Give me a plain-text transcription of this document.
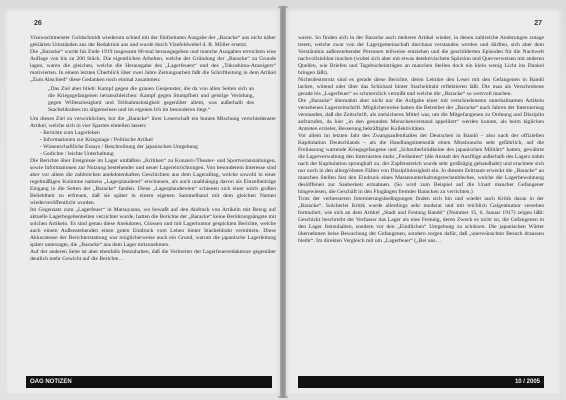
26

Vizewachtmeister Goldschmidt wiederum schied mit der fünfzehnten Ausgabe der „Baracke“ aus nicht näher geklärten Umständen aus der Redaktion aus und wurde durch Vizefeldwebel d. R. Möller ersetzt.

Die „Baracke“ wurde bis Ende 1919 insgesamt 86-mal herausgegeben und manche Ausgaben erreichten eine Auflage von bis zu 200 Stück. Die eigentlichen Arbeiten, welche der Gründung der „Baracke“ zu Grunde lagen, waren die gleichen, welche die Herausgabe des „Lagerfeuers“ und des „Tokushima-Anzeigers“ motivierten. In einem letzten Überblick über zwei Jahre Zeitungsarbeit faßt die Schriftleitung in dem Artikel „Zum Abschied“ diese Gedanken noch einmal zusammen:

„Das Ziel aber blieb: Kampf gegen die grauen Gespenster, die da von allen Seiten sich an die Kriegsgefangenen heranschleichen: Kampf gegen Stumpfheit und geistige Verödung, gegen Willenslosigkeit und Teilnahmslosigkeit gegenüber allem, was außerhalb des Stacheldrahtes im allgemeinen und im eigenen Ich im besonderen liegt.“

Um dieses Ziel zu verwirklichen, bot die „Baracke“ ihrer Leserschaft ein buntes Mischung verschiedenster Artikel, welche sich in vier Sparten einteilen lassen:

- Berichte zum Lagerleben
- Informationen zur Kriegslage / Politische Artikel
- Wissenschaftliche Essays / Beschreibung der japanischen Umgebung
- Gedichte / leichte Unterhaltung

Die Berichte über Ereignisse im Lager umfaßten „Kritiken“ zu Konzert-/Theater- und Sportveranstaltungen, sowie Informationen zur Nutzung bestehender und neuer Lagereinrichtungen. Von besonderem Interesse sind aber vor allem die zahlreichen anekdotenhaften Geschichten aus dem Lageralltag, welche sowohl in einer regelmäßigen Kolumne namens „Lagerplauderei“ erschienen, als auch unabhängig davon als Einzelbeiträge Eingang in die Seiten der „Baracke“ fanden. Diese „Lagerplaudereien“ schienen sich einer solch großen Beliebtheit zu erfreuen, daß sie später in einem eigenen Sammelband mit dem gleichen Namen wiederveröffentlicht wurden.

Im Gegensatz zum „Lagerfeuer“ in Matsuyama, wo bewußt auf den Abdruck von Artikeln mit Bezug auf aktuelle Lagerbegebenheiten verzichtet wurde, hatten die Berichte der „Baracke“ keine Berührungsängste mit solchen Artikeln. Es sind genau diese Anekdoten, Glossen und mit Lagerhumor gespickten Berichte, welche auch einem Außenstehenden einen guten Eindruck vom Leben hinter Stacheldraht vermitteln. Diese Akkuratesse der Berichterstattung war möglicherweise auch ein Grund, warum die japanische Lagerleitung später untersagte, die „Baracke“ aus dem Lager mitzunehmen.

Auf der anderen Seite ist aber ebenfalls festzuhalten, daß die Verbreiter der Lagerfeuerredakteure gegenüber deutlich mehr Gewicht auf die Berichte…

OAG NOTIZEN
27

waren. So finden sich in der Baracke auch mehrere Artikel wieder, in denen zahlreiche Anderungen zutage treten, welche zwar von der Lagergemeinschaft durchaus verstanden werden und dürften, sich aber dem Verständnis außenstehender Personen teilweise entziehen und die geschilderten Episoden für die Nachwelt nachvollziehbar machen (wobei sich aber mit etwas detektivischem Spürsinn und Querverweisen mit anderen Quellen, wie Briefen und Tagebucheinträgen an manchen Stellen doch ein klein wenig Licht ins Dunkel bringen läßt).

Nichtsdestotrotz sind es gerade diese Berichte, deren Lektüre den Leser mit den Gefangenen in Bandō lachen, wütend oder über das Schicksal hinter Stacheldraht reflektieren läßt. Die man als Verschrobene gerade bis „Lagerfeuer“ so schmerzlich vermißt und welche die „Baracke“ so wertvoll machen.

Die „Baracke“ übernahm aber nicht nur die Aufgabe einer mit verschiedensten unterhaltsamen Artikeln versehenen Lagerzeitschrift. Möglicherweise hatten die Betreiber der „Baracke“ nach Jahren der Internierung verstanden, daß die Zeitschrift, als zielsicheres Mittel war, um die Mitgefangenen zu Ordnung und Disziplin aufzurufen, da hier „in den gesunden Menschenverstand appelliert“ werden konnte, als beim täglichen Antreten erzieler, Besserung bekräftigter Kollektivitäten.

Vor allem im letzten Jahr des Zwangsaufenthaltes der Deutschen in Bandō – also nach der offiziellen Kapitulation Deutschlands – als die Handlungsintensität einen Missbrauchs sehr gefährlich, auf die Freilassung wartende Kriegsgefangene und „Schnuberbrüdkeine des japanischen Militärs“ hatten, gewährte die Lagerverwaltung den Internierten mehr „Freiheiten“ (die Anstalt der Ausflüge außerhalb des Lagers nahm nach der Kapitulation sprunghaft zu, der Zapfenstreich wurde sehr großzügig gehandhabt) und erachtete sich nur noch in den allergröbsten Fällen von Disziplinlosigkeit ein. In diesem Zeitraum erweckt die „Baracke“ an manchen Stellen fast den Eindruck eines Massenunterhaltungsrechenbleches, welche die Lagerbewohnung desölffenen zur Sauberkeit ermahnen. (So wird zum Beispiel auf die Unart mancher Gefangener hingewiesen, die Geschäft in den Fingängen fremder Baracken zu verrichten.)

Trotz der verbesserten Internierungsbedingungen finden sich hin und wieder auch Kritik daran in der „Baracke“. Solcherlei Kritik wurde allerdings sehr moderat und mit reichlich Galgenhumor versehen formuliert, wie sich an dem Artikel „Stadt und Festung Bandō“ (Nummer 15, 6. Januar 1917) zeigen läßt: Geschickt beschreibt der Verfasser das Lager als eine Festung, deren Zweck es nicht ist, die Gefangenen in den Lager festzuhalten, sondern vor den „Eindlichen“ Umgebung zu schützen. Die japanischen Wärter übernehmen heise Bewachung der Gefangenen, sondern sorgen dafür, daß „unerwünschter Besuch draussen bleibt“. Im direkten Vergleich mit um „Lagerfeuer“ („Bei uns…

10 / 2005
